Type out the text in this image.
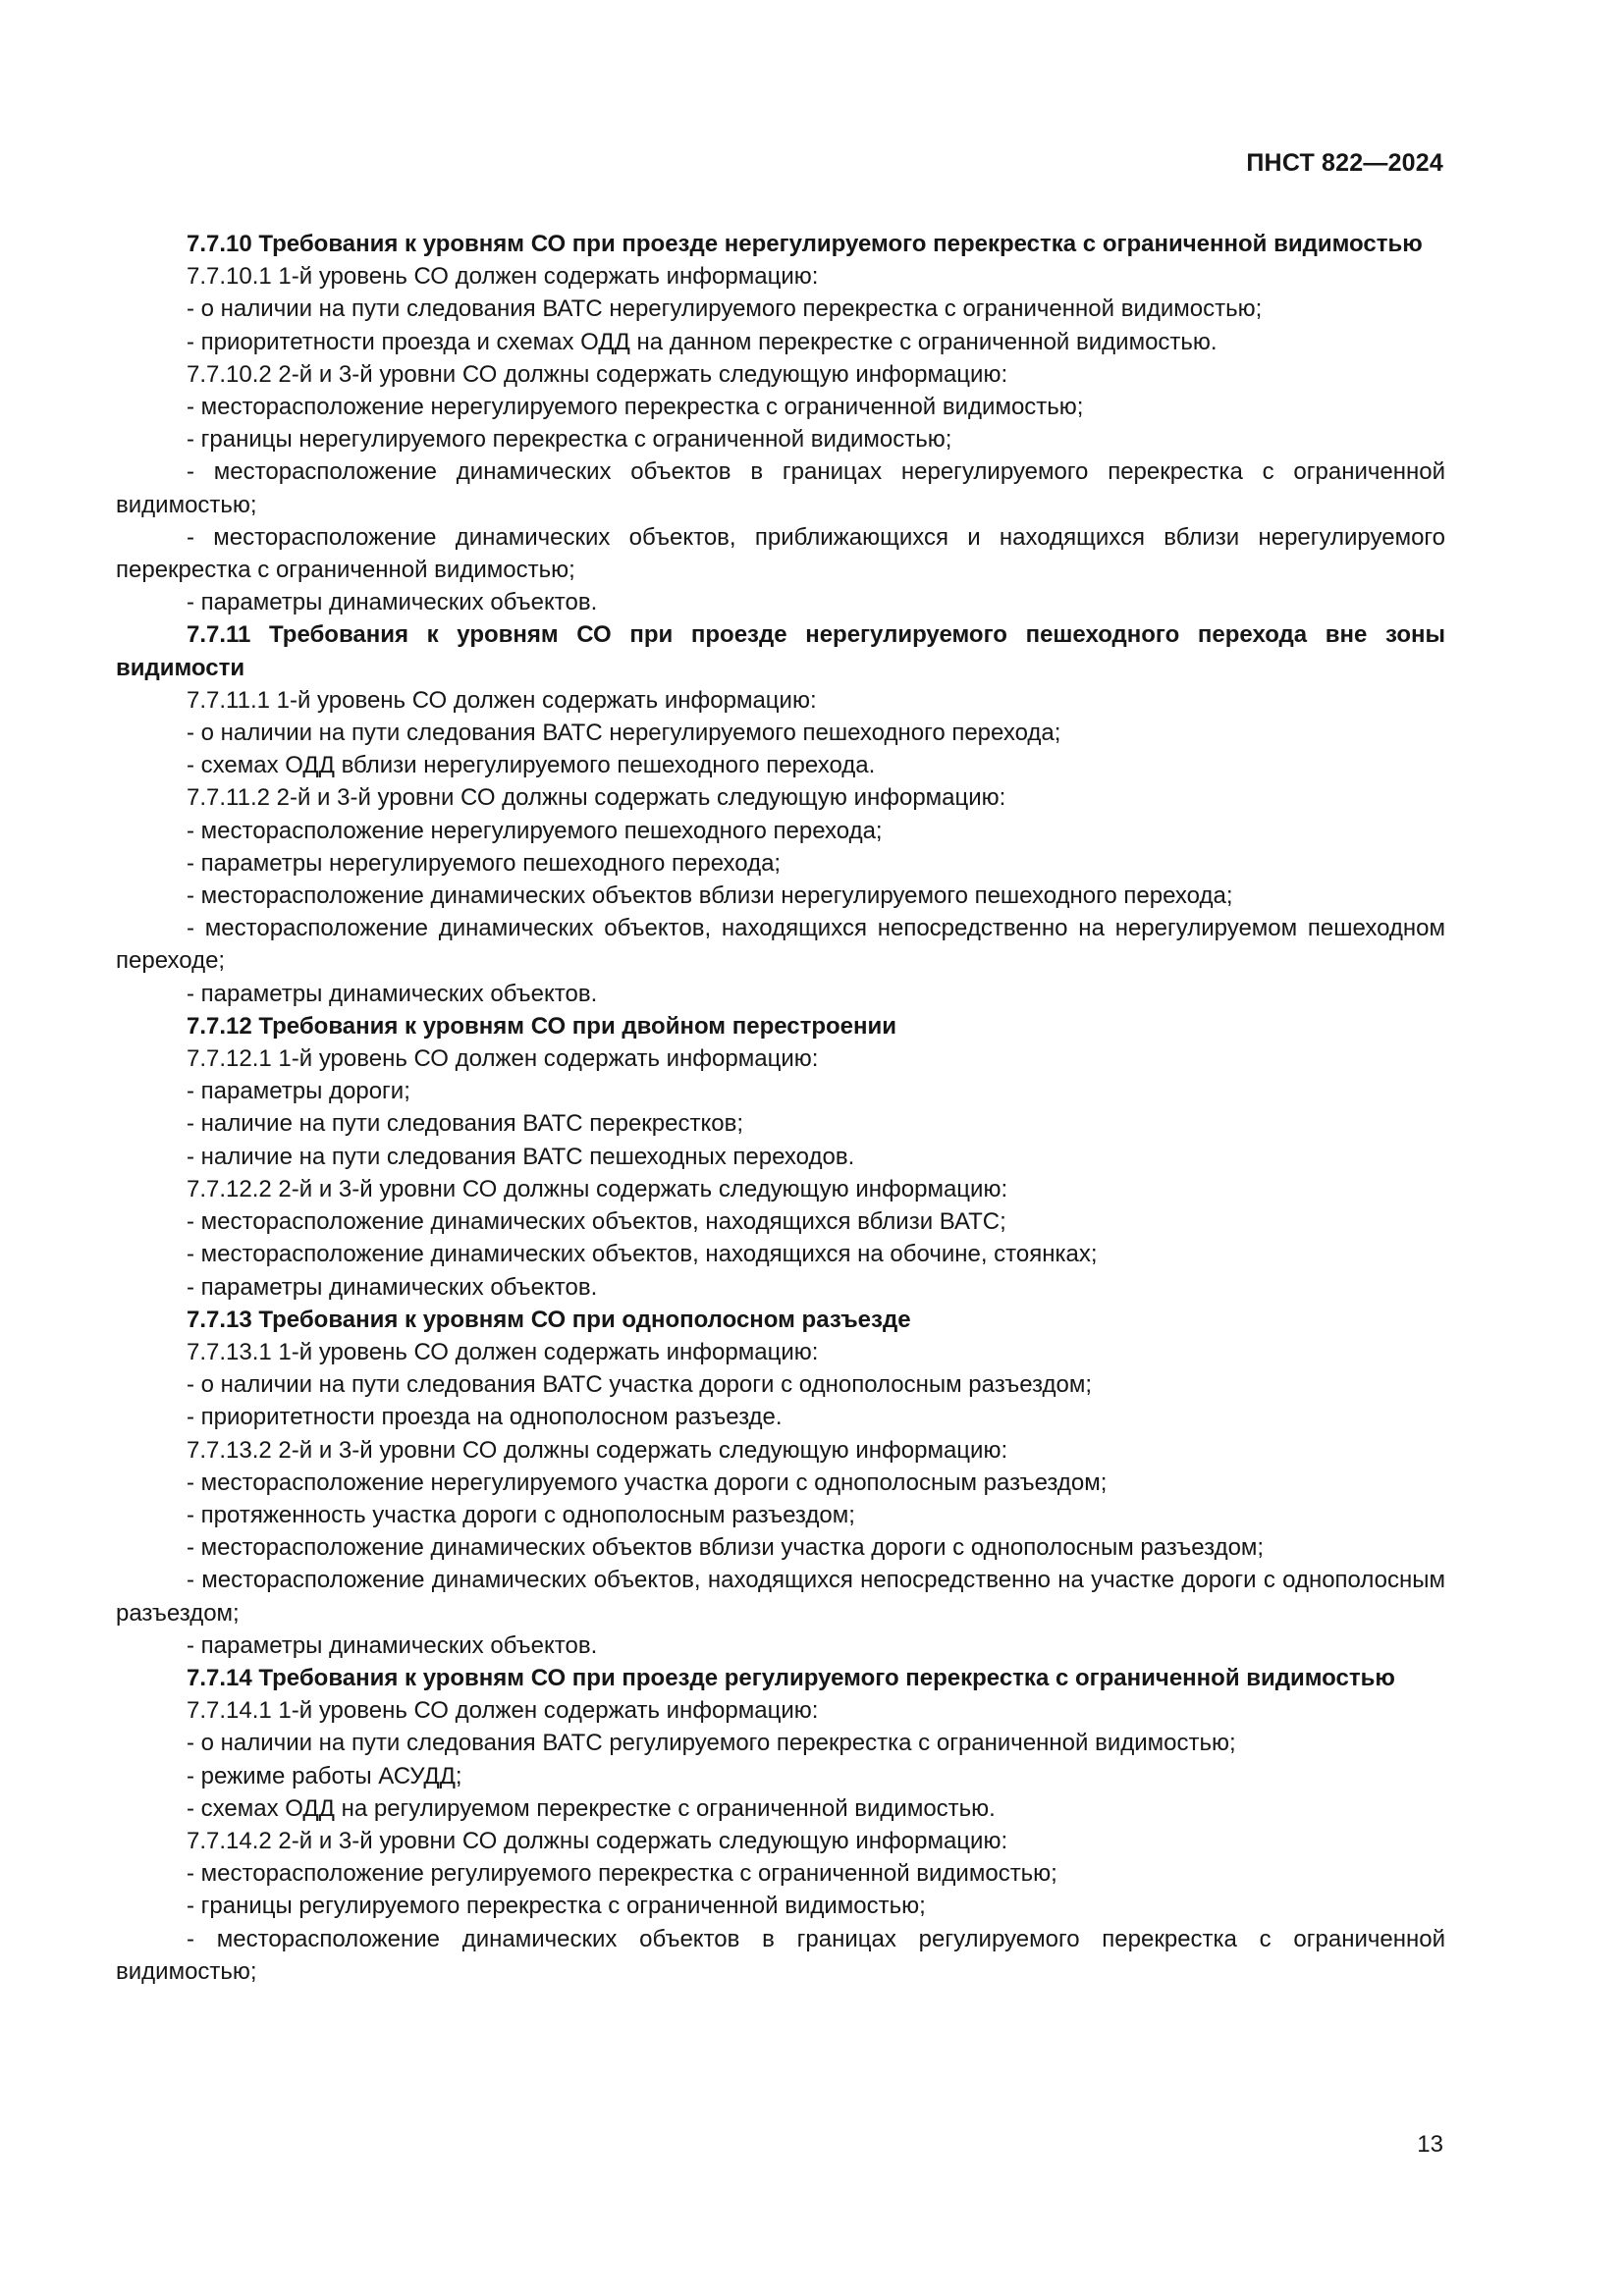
ПНСТ 822—2024

7.7.10 Требования к уровням СО при проезде нерегулируемого перекрестка с ограниченной видимостью

7.7.10.1 1-й уровень СО должен содержать информацию:

- о наличии на пути следования ВАТС нерегулируемого перекрестка с ограниченной видимостью;

- приоритетности проезда и схемах ОДД на данном перекрестке с ограниченной видимостью.

7.7.10.2 2-й и 3-й уровни СО должны содержать следующую информацию:

- месторасположение нерегулируемого перекрестка с ограниченной видимостью;

- границы нерегулируемого перекрестка с ограниченной видимостью;

- месторасположение динамических объектов в границах нерегулируемого перекрестка с ограниченной видимостью;

- месторасположение динамических объектов, приближающихся и находящихся вблизи нерегулируемого перекрестка с ограниченной видимостью;

- параметры динамических объектов.

7.7.11 Требования к уровням СО при проезде нерегулируемого пешеходного перехода вне зоны видимости

7.7.11.1 1-й уровень СО должен содержать информацию:

- о наличии на пути следования ВАТС нерегулируемого пешеходного перехода;

- схемах ОДД вблизи нерегулируемого пешеходного перехода.

7.7.11.2 2-й и 3-й уровни СО должны содержать следующую информацию:

- месторасположение нерегулируемого пешеходного перехода;

- параметры нерегулируемого пешеходного перехода;

- месторасположение динамических объектов вблизи нерегулируемого пешеходного перехода;

- месторасположение динамических объектов, находящихся непосредственно на нерегулируемом пешеходном переходе;

- параметры динамических объектов.

7.7.12 Требования к уровням СО при двойном перестроении

7.7.12.1 1-й уровень СО должен содержать информацию:

- параметры дороги;

- наличие на пути следования ВАТС перекрестков;

- наличие на пути следования ВАТС пешеходных переходов.

7.7.12.2 2-й и 3-й уровни СО должны содержать следующую информацию:

- месторасположение динамических объектов, находящихся вблизи ВАТС;

- месторасположение динамических объектов, находящихся на обочине, стоянках;

- параметры динамических объектов.

7.7.13 Требования к уровням СО при однополосном разъезде

7.7.13.1 1-й уровень СО должен содержать информацию:

- о наличии на пути следования ВАТС участка дороги с однополосным разъездом;

- приоритетности проезда на однополосном разъезде.

7.7.13.2 2-й и 3-й уровни СО должны содержать следующую информацию:

- месторасположение нерегулируемого участка дороги с однополосным разъездом;

- протяженность участка дороги с однополосным разъездом;

- месторасположение динамических объектов вблизи участка дороги с однополосным разъездом;

- месторасположение динамических объектов, находящихся непосредственно на участке дороги с однополосным разъездом;

- параметры динамических объектов.

7.7.14 Требования к уровням СО при проезде регулируемого перекрестка с ограниченной видимостью

7.7.14.1 1-й уровень СО должен содержать информацию:

- о наличии на пути следования ВАТС регулируемого перекрестка с ограниченной видимостью;

- режиме работы АСУДД;

- схемах ОДД на регулируемом перекрестке с ограниченной видимостью.

7.7.14.2 2-й и 3-й уровни СО должны содержать следующую информацию:

- месторасположение регулируемого перекрестка с ограниченной видимостью;

- границы регулируемого перекрестка с ограниченной видимостью;

- месторасположение динамических объектов в границах регулируемого перекрестка с ограниченной видимостью;

13
